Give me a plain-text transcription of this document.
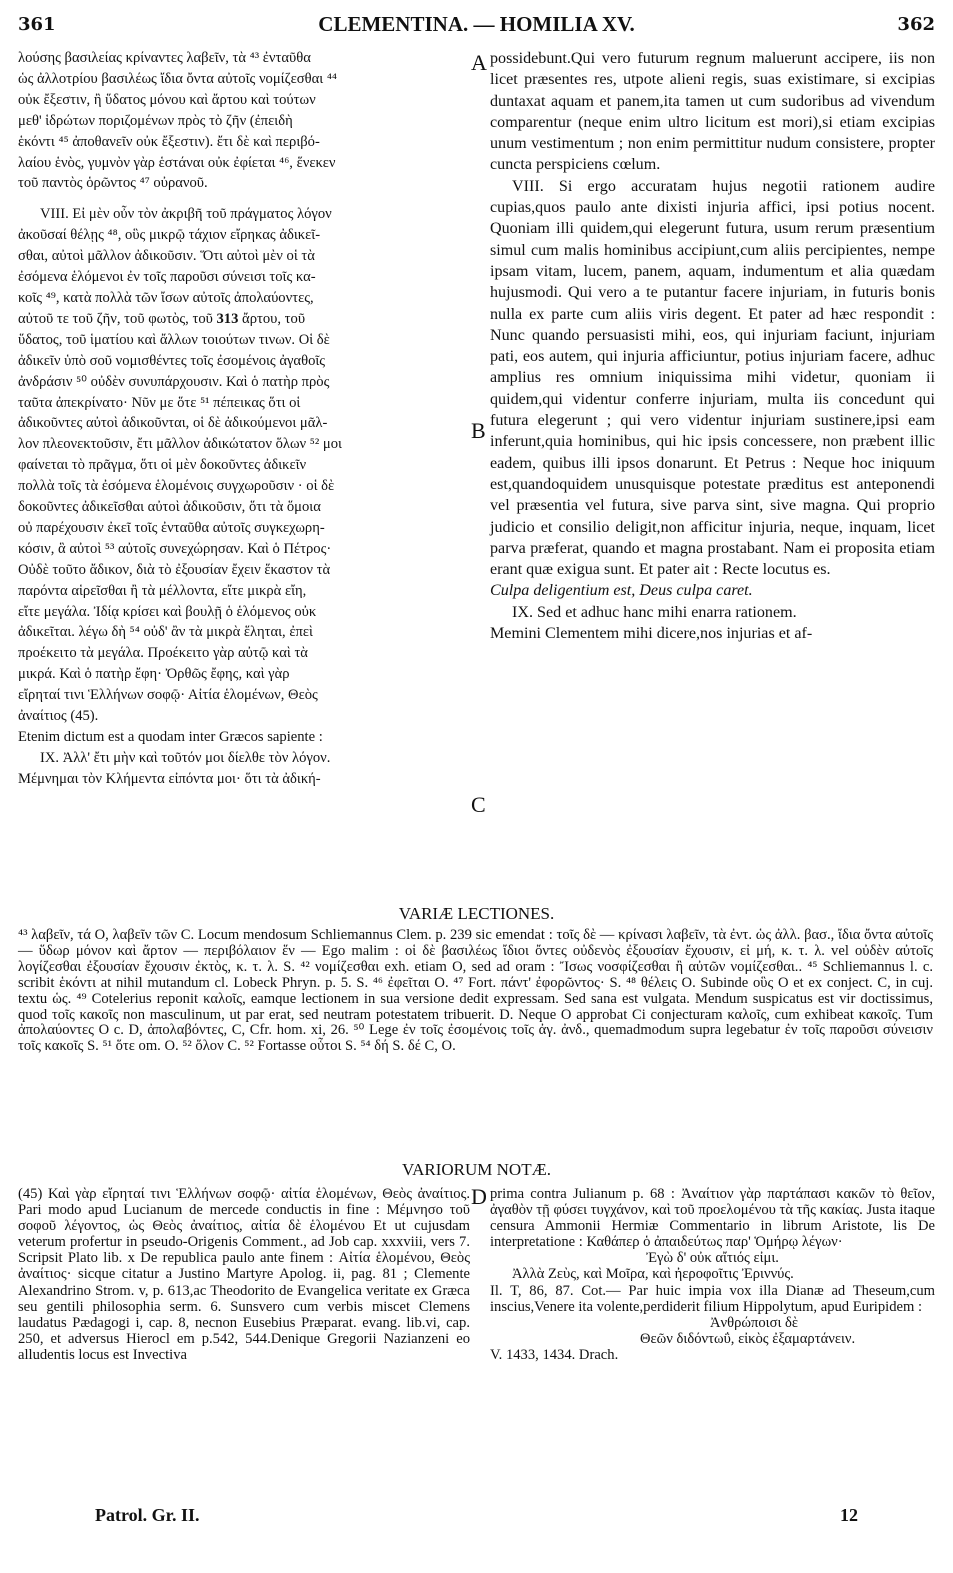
361	CLEMENTINA. — HOMILIA XV.	362

λούσης βασιλείας κρίναντες λαβεῖν, τὰ ⁴³ ἐνταῦθα

ὡς ἀλλοτρίου βασιλέως ἴδια ὄντα αὐτοῖς νομίζεσθαι ⁴⁴

οὐκ ἔξεστιν, ἢ ὕδατος μόνου καὶ ἄρτου καὶ τούτων

μεθ' ἱδρώτων ποριζομένων πρὸς τὸ ζῆν (ἐπειδὴ

ἑκόντι ⁴⁵ ἀποθανεῖν οὐκ ἔξεστιν). ἔτι δὲ καὶ περιβό-

λαίου ἑνὸς, γυμνὸν γὰρ ἑστάναι οὐκ ἐφίεται ⁴⁶, ἕνεκεν

τοῦ παντὸς ὁρῶντος ⁴⁷ οὐρανοῦ.

VIII. Εἰ μὲν οὖν τὸν ἀκριβῆ τοῦ πράγματος λόγον

ἀκοῦσαί θέλῃς ⁴⁸, οὓς μικρῷ τάχιον εἴρηκας ἀδικεῖ-

σθαι, αὐτοὶ μᾶλλον ἀδικοῦσιν. Ὅτι αὐτοὶ μὲν οἱ τὰ

ἐσόμενα ἑλόμενοι ἐν τοῖς παροῦσι σύνεισι τοῖς κα-

κοῖς ⁴⁹, κατὰ πολλὰ τῶν ἴσων αὐτοῖς ἀπολαύοντες,

αὐτοῦ τε τοῦ ζῆν, τοῦ φωτὸς, τοῦ 313 ἄρτου, τοῦ

ὕδατος, τοῦ ἱματίου καὶ ἄλλων τοιούτων τινων. Οἱ δὲ

ἀδικεῖν ὑπὸ σοῦ νομισθέντες τοῖς ἐσομένοις ἀγαθοῖς

ἀνδράσιν ⁵⁰ οὐδὲν συνυπάρχουσιν. Καὶ ὁ πατὴρ πρὸς

ταῦτα ἀπεκρίνατο· Νῦν με ὅτε ⁵¹ πέπεικας ὅτι οἱ

ἀδικοῦντες αὐτοὶ ἀδικοῦνται, οἱ δὲ ἀδικούμενοι μᾶλ-

λον πλεονεκτοῦσιν, ἔτι μᾶλλον ἀδικώτατον ὅλων ⁵² μοι

φαίνεται τὸ πρᾶγμα, ὅτι οἱ μὲν δοκοῦντες ἀδικεῖν

πολλὰ τοῖς τὰ ἐσόμενα ἑλομένοις συγχωροῦσιν · οἱ δὲ

δοκοῦντες ἀδικεῖσθαι αὐτοὶ ἀδικοῦσιν, ὅτι τὰ ὅμοια

οὐ παρέχουσιν ἐκεῖ τοῖς ἐνταῦθα αὐτοῖς συγκεχωρη-

κόσιν, ἃ αὐτοὶ ⁵³ αὐτοῖς συνεχώρησαν. Καὶ ὁ Πέτρος·

Οὐδὲ τοῦτο ἄδικον, διὰ τὸ ἐξουσίαν ἔχειν ἕκαστον τὰ

παρόντα αἱρεῖσθαι ἢ τὰ μέλλοντα, εἴτε μικρὰ εἴη,

εἴτε μεγάλα. Ἰδίᾳ κρίσει καὶ βουλῇ ὁ ἑλόμενος οὐκ

ἀδικεῖται. λέγω δὴ ⁵⁴ οὐδ' ἂν τὰ μικρὰ ἕληται, ἐπεὶ

προέκειτο τὰ μεγάλα. Προέκειτο γὰρ αὐτῷ καὶ τὰ

μικρά. Καὶ ὁ πατὴρ ἔφη· Ὀρθῶς ἔφης, καὶ γὰρ

εἴρηταί τινι Ἑλλήνων σοφῷ· Αἰτία ἑλομένων, Θεὸς

ἀναίτιος (45).

Etenim dictum est a quodam inter Græcos sapiente :

IX. Ἀλλ' ἔτι μὴν καὶ τοῦτόν μοι δίελθε τὸν λόγον.

Μέμνημαι τὸν Κλήμεντα εἰπόντα μοι· ὅτι τὰ ἀδική-

A
B
C
D

possidebunt.Qui vero futurum regnum maluerunt accipere, iis non licet præsentes res, utpote alieni regis, suas existimare, si excipias duntaxat aquam et panem,ita tamen ut cum sudoribus ad vivendum comparentur (neque enim ultro licitum est mori),si etiam excipias unum vestimentum ; non enim permittitur nudum consistere, propter cuncta perspiciens cœlum.

VIII. Si ergo accuratam hujus negotii rationem audire cupias,quos paulo ante dixisti injuria affici, ipsi potius nocent. Quoniam illi quidem,qui elegerunt futura, usum rerum præsentium simul cum malis hominibus accipiunt,cum aliis percipientes, nempe ipsam vitam, lucem, panem, aquam, indumentum et alia quædam hujusmodi. Qui vero a te putantur facere injuriam, in futuris bonis nulla ex parte cum aliis viris degent. Et pater ad hæc respondit : Nunc quando persuasisti mihi, eos, qui injuriam faciunt, injuriam pati, eos autem, qui injuria afficiuntur, potius injuriam facere, adhuc amplius res omnium iniquissima mihi videtur, quoniam ii quidem,qui videntur conferre injuriam, multa iis concedunt qui futura elegerunt ; qui vero videntur injuriam sustinere,ipsi eam inferunt,quia hominibus, qui hic ipsis concessere, non præbent illic eadem, quibus illi ipsos donarunt. Et Petrus : Neque hoc iniquum est,quandoquidem unusquisque potestate præditus est anteponendi vel præsentia vel futura, sive parva sint, sive magna. Qui proprio judicio et consilio deligit,non afficitur injuria, neque, inquam, licet parva præferat, quando et magna prostabant. Nam ei proposita etiam erant quæ exigua sunt. Et pater ait : Recte locutus es.

Culpa deligentium est, Deus culpa caret.

IX. Sed et adhuc hanc mihi enarra rationem.

Memini Clementem mihi dicere,nos injurias et af-

VARIÆ LECTIONES.

⁴³ λαβεῖν, τά O, λαβεῖν τῶν C. Locum mendosum Schliemannus Clem. p. 239 sic emendat : τοῖς δὲ — κρίνασι λαβεῖν, τὰ ἐντ. ὡς ἀλλ. βασ., ἴδια ὄντα αὐτοῖς — ὕδωρ μόνον καὶ ἄρτον — περιβόλαιον ἕν — Ego malim : οἱ δὲ βασιλέως ἴδιοι ὄντες οὐδενὸς ἐξουσίαν ἔχουσιν, εἰ μή, κ. τ. λ. vel οὐδὲν αὐτοῖς λογίζεσθαι ἐξουσίαν ἔχουσιν ἐκτὸς, κ. τ. λ. S. ⁴² νομίζεσθαι exh. etiam O, sed ad oram : Ἴσως νοσφίζεσθαι ἢ αὐτῶν νομίζεσθαι.. ⁴⁵ Schliemannus l. c. scribit ἑκόντι at nihil mutandum cl. Lobeck Phryn. p. 5. S. ⁴⁶ ἐφεῖται O. ⁴⁷ Fort. πάντ' ἐφορῶντος· S. ⁴⁸ θέλεις O. Subinde οὓς O et ex conject. C, in cuj. textu ὡς. ⁴⁹ Cotelerius reponit καλοῖς, eamque lectionem in sua versione dedit expressam. Sed sana est vulgata. Mendum suspicatus est vir doctissimus, quod τοῖς κακοῖς non masculinum, ut par erat, sed neutram potestatem tribuerit. D. Neque O approbat Ci conjecturam καλοῖς, cum exhibeat κακοῖς. Tum ἀπολαύοντες O c. D, ἀπολαβόντες, C, Cfr. hom. xi, 26. ⁵⁰ Lege ἐν τοῖς ἐσομένοις τοῖς ἀγ. ἀνδ., quemadmodum supra legebatur ἐν τοῖς παροῦσι σύνεισιν τοῖς κακοῖς S. ⁵¹ ὅτε om. O. ⁵² ὅλον C. ⁵² Fortasse οὗτοι S. ⁵⁴ δή S. δέ C, O.

VARIORUM NOTÆ.

(45) Καὶ γὰρ εἴρηταί τινι Ἑλλήνων σοφῷ· αἰτία ἑλομένων, Θεὸς ἀναίτιος. Pari modo apud Lucianum de mercede conductis in fine : Μέμνησο τοῦ σοφοῦ λέγοντος, ὡς Θεὸς ἀναίτιος, αἰτία δὲ ἑλομένου Et ut cujusdam veterum profertur in pseudo-Origenis Comment., ad Job cap. xxxviii, vers 7. Scripsit Plato lib. x De republica paulo ante finem : Αἰτία ἑλομένου, Θεὸς ἀναίτιος· sicque citatur a Justino Martyre Apolog. ii, pag. 81 ; Clemente Alexandrino Strom. v, p. 613,ac Theodorito de Evangelica veritate ex Græca seu gentili philosophia serm. 6. Sunsvero cum verbis miscet Clemens laudatus Pædagogi i, cap. 8, necnon Eusebius Præparat. evang. lib.vi, cap. 250, et adversus Hierocl em p.542, 544.Denique Gregorii Nazianzeni eo alludentis locus est Invectiva

prima contra Julianum p. 68 : Ἀναίτιον γὰρ παρτάπασι κακῶν τὸ θεῖον, ἀγαθὸν τῇ φύσει τυγχάνον, καὶ τοῦ προελομένου τὰ τῆς κακίας. Justa itaque censura Ammonii Hermiæ Commentario in librum Aristote, lis De interpretatione : Καθάπερ ὁ ἀπαιδεύτως παρ' Ὁμήρῳ λέγων·

Ἐγὼ δ' οὐκ αἴτιός εἰμι.

Ἀλλὰ Ζεὺς, καὶ Μοῖρα, καὶ ἠεροφοῖτις Ἐριννύς.

Il. T, 86, 87. Cot.— Par huic impia vox illa Dianæ ad Theseum,cum inscius,Venere ita volente,perdiderit filium Hippolytum, apud Euripidem :

Ἀνθρώποισι δὲ

Θεῶν διδόντωΰ, εἰκὸς ἐξαμαρτάνειν.

V. 1433, 1434. Drach.

Patrol. Gr. II.	12
